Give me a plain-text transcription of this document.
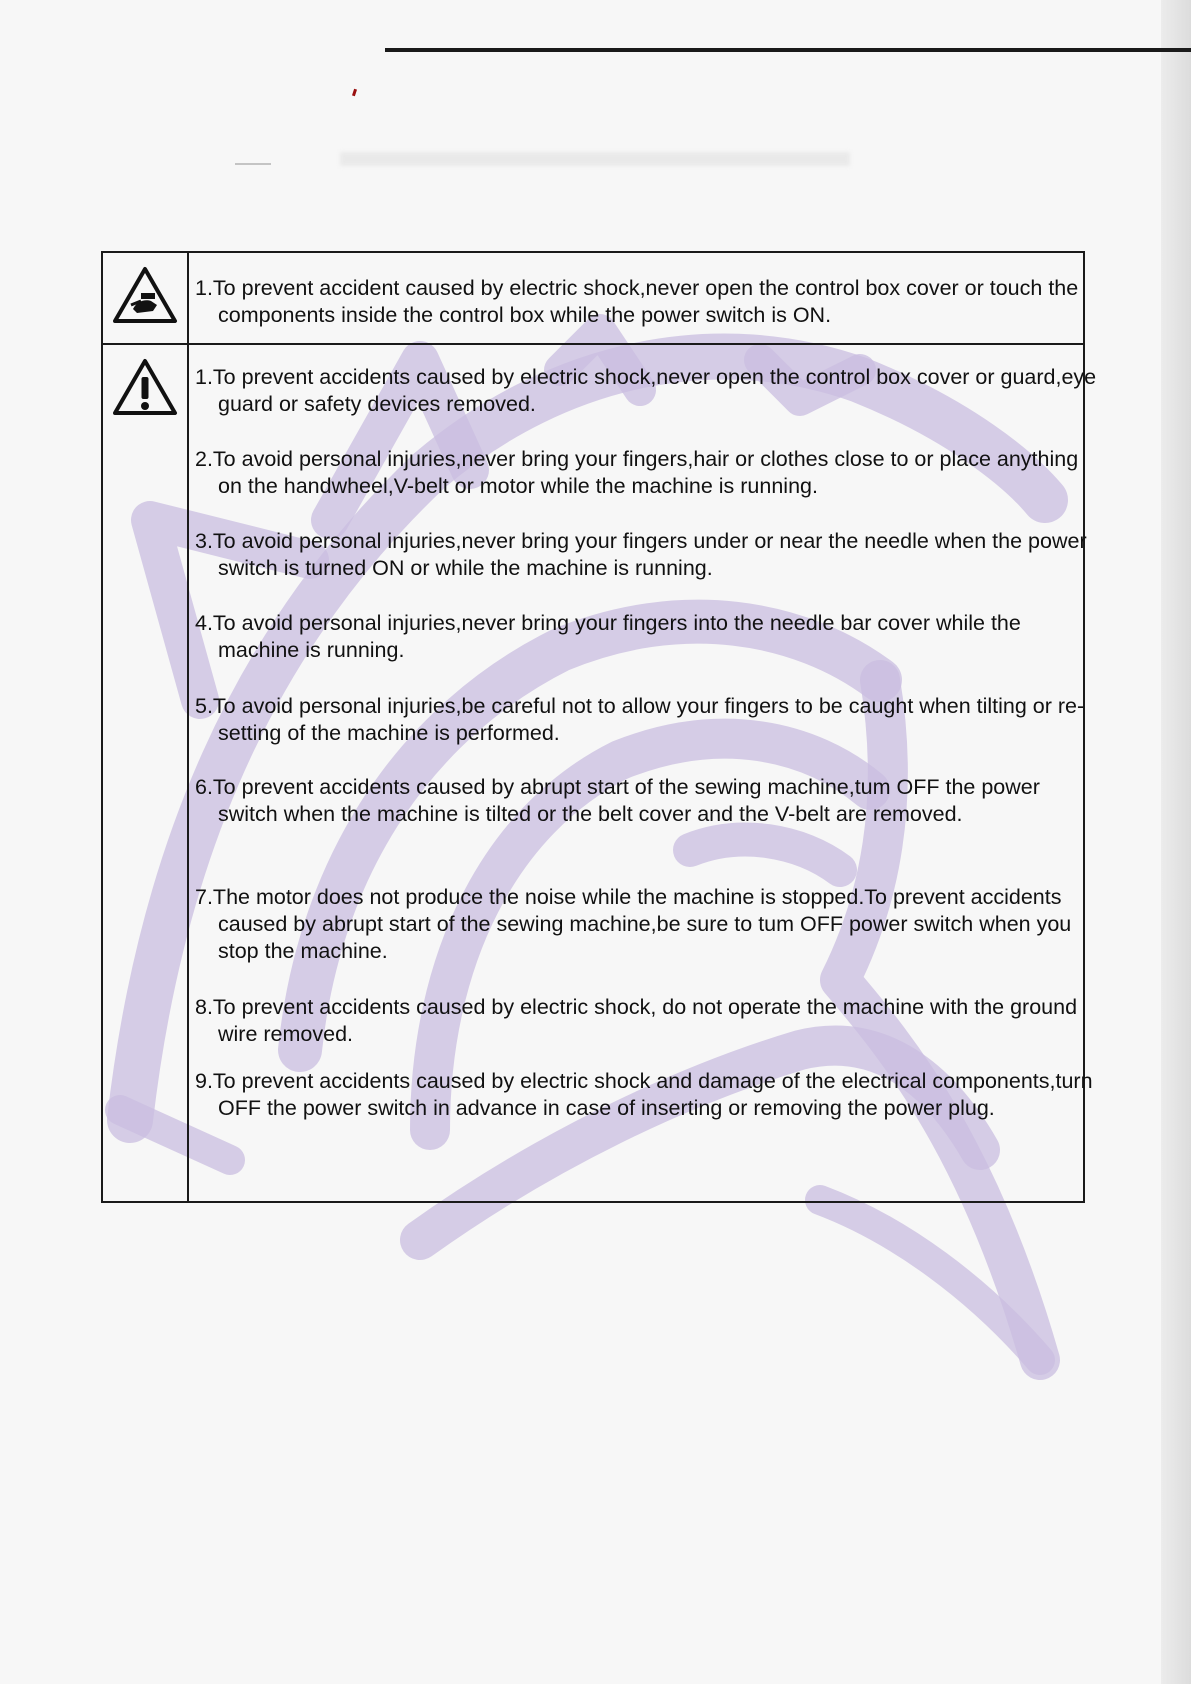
1.To prevent accident caused by electric shock,never open the control box cover or touch the components inside the control box while the power switch is ON.
1.To prevent accidents caused by electric shock,never open the control box cover or guard,eye guard or safety devices removed.
2.To avoid personal injuries,never bring your fingers,hair or clothes close to or place anything on the handwheel,V-belt or motor while the machine is running.
3.To avoid personal injuries,never bring your fingers under or near the needle when the power switch is turned ON or while the machine is running.
4.To avoid personal injuries,never bring your fingers into the needle bar cover while the machine is running.
5.To avoid personal injuries,be careful not to allow your fingers to be caught when tilting or re-setting of the machine is performed.
6.To prevent accidents caused by abrupt start of the sewing machine,tum OFF the power switch when the machine is tilted or the belt cover and the V-belt are removed.
7.The motor does not produce the noise while the machine is stopped.To prevent accidents caused by abrupt start of the sewing machine,be sure to tum OFF power switch when you stop the machine.
8.To prevent accidents caused by electric shock, do not operate the machine with the ground wire removed.
9.To prevent accidents caused by electric shock and damage of the electrical components,turn OFF the power switch in advance in case of inserting or removing the power plug.
